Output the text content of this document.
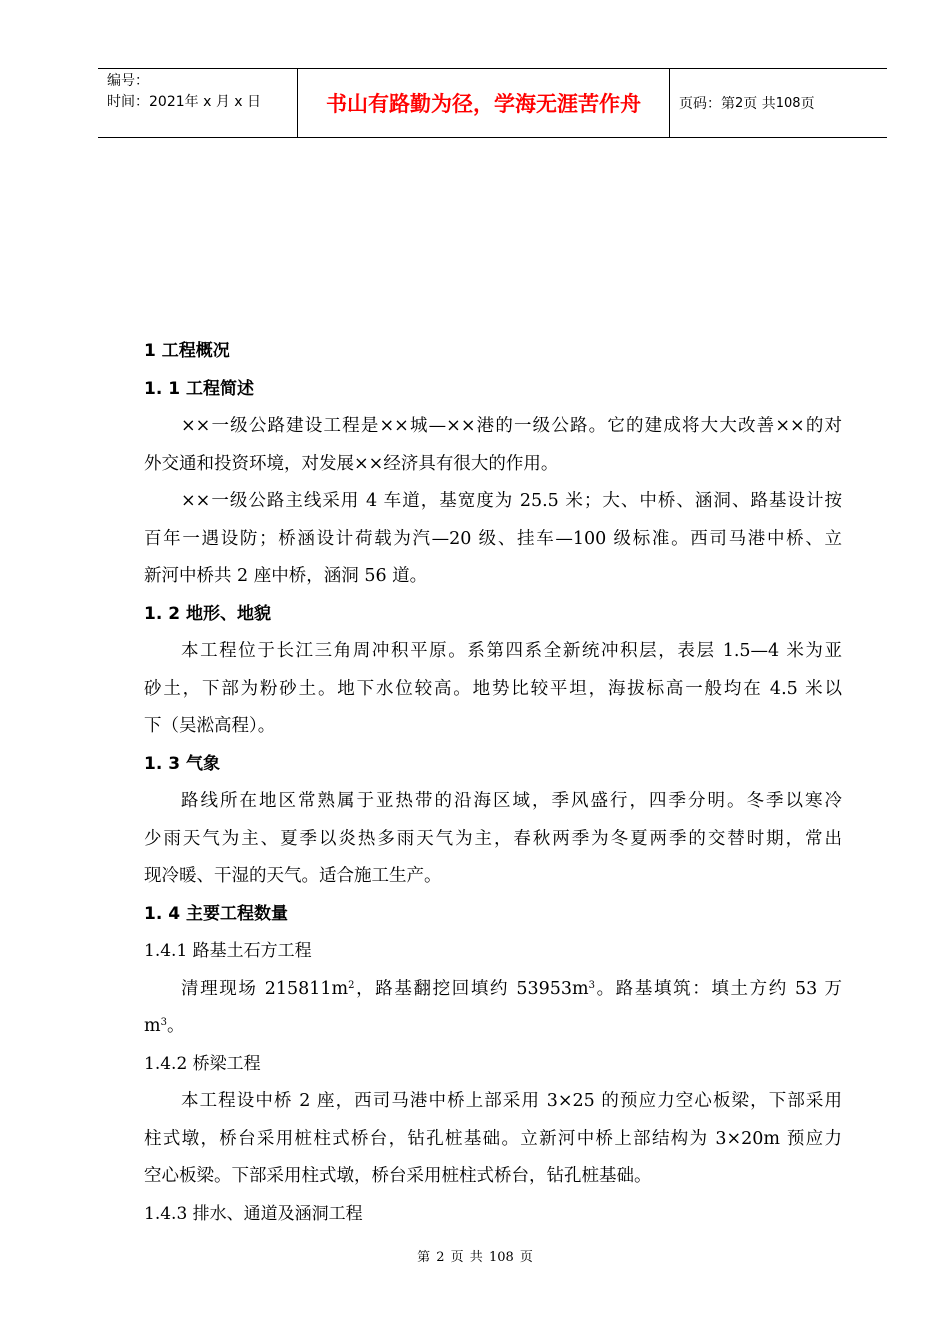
编号：
时间：2021年 x 月 x 日	书山有路勤为径，学海无涯苦作舟	页码：第 2 页 共 108 页
1 工程概况
1. 1 工程简述
××一级公路建设工程是××城—××港的一级公路。它的建成将大大改善××的对
外交通和投资环境，对发展××经济具有很大的作用。
××一级公路主线采用 4 车道，基宽度为 25.5 米；大、中桥、涵洞、路基设计按
百年一遇设防；桥涵设计荷载为汽—20 级、挂车—100 级标准。西司马港中桥、立
新河中桥共 2 座中桥，涵洞 56 道。
1. 2 地形、地貌
本工程位于长江三角周冲积平原。系第四系全新统冲积层，表层 1.5—4 米为亚
砂土，下部为粉砂土。地下水位较高。地势比较平坦，海拔标高一般均在 4.5 米以
下（吴淞高程）。
1. 3 气象
路线所在地区常熟属于亚热带的沿海区域，季风盛行，四季分明。冬季以寒冷
少雨天气为主、夏季以炎热多雨天气为主，春秋两季为冬夏两季的交替时期，常出
现冷暖、干湿的天气。适合施工生产。
1. 4 主要工程数量
1.4.1 路基土石方工程
清理现场 $215811m^2$，路基翻挖回填约 $53953m^3$。路基填筑：填土方约 53 万
$m^3$。
1.4.2 桥梁工程
本工程设中桥 2 座，西司马港中桥上部采用 3×25 的预应力空心板梁，下部采用
柱式墩，桥台采用桩柱式桥台，钻孔桩基础。立新河中桥上部结构为 3×20m 预应力
空心板梁。下部采用柱式墩，桥台采用桩柱式桥台，钻孔桩基础。
1.4.3 排水、通道及涵洞工程
第 2 页 共 108 页
